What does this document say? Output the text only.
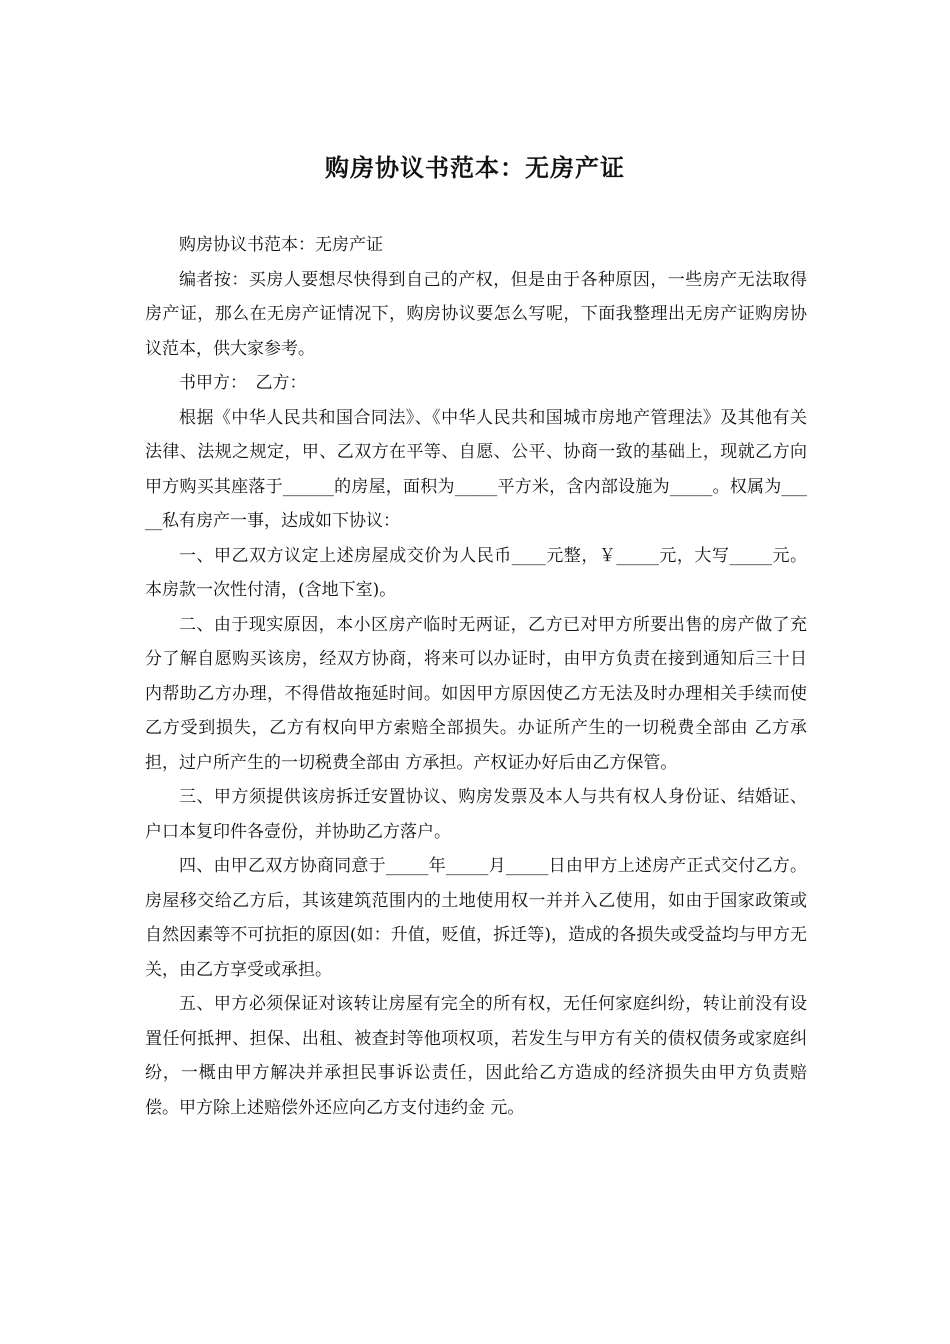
购房协议书范本：无房产证

购房协议书范本：无房产证

编者按：买房人要想尽快得到自己的产权，但是由于各种原因，一些房产无法取得房产证，那么在无房产证情况下，购房协议要怎么写呢，下面我整理出无房产证购房协议范本，供大家参考。

书甲方：　乙方：

根据《中华人民共和国合同法》、《中华人民共和国城市房地产管理法》及其他有关法律、法规之规定，甲、乙双方在平等、自愿、公平、协商一致的基础上，现就乙方向甲方购买其座落于______的房屋，面积为_____平方米，含内部设施为_____。权属为_____私有房产一事，达成如下协议：

一、甲乙双方议定上述房屋成交价为人民币____元整，￥_____元，大写_____元。本房款一次性付清，(含地下室)。

二、由于现实原因，本小区房产临时无两证，乙方已对甲方所要出售的房产做了充分了解自愿购买该房，经双方协商，将来可以办证时，由甲方负责在接到通知后三十日内帮助乙方办理，不得借故拖延时间。如因甲方原因使乙方无法及时办理相关手续而使乙方受到损失，乙方有权向甲方索赔全部损失。办证所产生的一切税费全部由 乙方承担，过户所产生的一切税费全部由 方承担。产权证办好后由乙方保管。

三、甲方须提供该房拆迁安置协议、购房发票及本人与共有权人身份证、结婚证、户口本复印件各壹份，并协助乙方落户。

四、由甲乙双方协商同意于_____年_____月_____日由甲方上述房产正式交付乙方。房屋移交给乙方后，其该建筑范围内的土地使用权一并并入乙使用，如由于国家政策或自然因素等不可抗拒的原因(如：升值，贬值，拆迁等)，造成的各损失或受益均与甲方无关，由乙方享受或承担。

五、甲方必须保证对该转让房屋有完全的所有权，无任何家庭纠纷，转让前没有设置任何抵押、担保、出租、被查封等他项权项，若发生与甲方有关的债权债务或家庭纠纷，一概由甲方解决并承担民事诉讼责任，因此给乙方造成的经济损失由甲方负责赔偿。甲方除上述赔偿外还应向乙方支付违约金 元。
